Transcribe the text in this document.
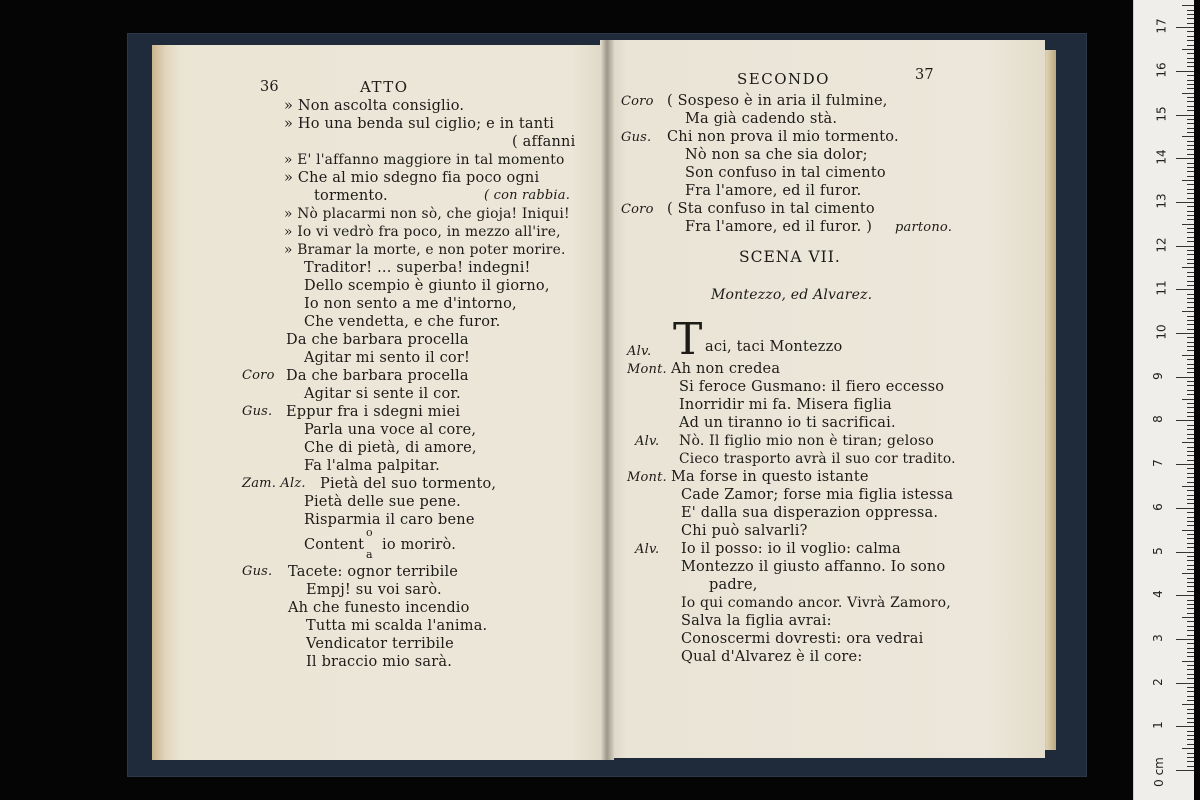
36	ATTO
» Non ascolta consiglio.
» Ho una benda sul ciglio; e in tanti
( affanni
» E' l'affanno maggiore in tal momento
» Che al mio sdegno fia poco ogni
tormento.	( con rabbia.
» Nò placarmi non sò, che gioja! Iniqui!
» Io vi vedrò fra poco, in mezzo all'ire,
» Bramar la morte, e non poter morire.
Traditor! ... superba! indegni!
Dello scempio è giunto il giorno,
Io non sento a me d'intorno,
Che vendetta, e che furor.
Da che barbara procella
Agitar mi sento il cor!
Coro Da che barbara procella
Agitar si sente il cor.
Gus. Eppur fra i sdegni miei
Parla una voce al core,
Che di pietà, di amore,
Fa l'alma palpitar.
Zam. Alz. Pietà del suo tormento,
Pietà delle sue pene.
Risparmia il caro bene
Content
o
a
io morirò.
Gus. Tacete: ognor terribile
Empj! su voi sarò.
Ah che funesto incendio
Tutta mi scalda l'anima.
Vendicator terribile
Il braccio mio sarà.
SECONDO	37
Coro ( Sospeso è in aria il fulmine,
Ma già cadendo stà.
Gus. Chi non prova il mio tormento.
Nò non sa che sia dolor;
Son confuso in tal cimento
Fra l'amore, ed il furor.
Coro ( Sta confuso in tal cimento
Fra l'amore, ed il furor. ) partono.
SCENA VII.
Montezzo, ed Alvarez.
Alv. T aci, taci Montezzo
Mont. Ah non credea
Si feroce Gusmano: il fiero eccesso
Inorridir mi fa. Misera figlia
Ad un tiranno io ti sacrificai.
Alv. Nò. Il figlio mio non è tiran; geloso
Cieco trasporto avrà il suo cor tradito.
Mont. Ma forse in questo istante
Cade Zamor; forse mia figlia istessa
E' dalla sua disperazion oppressa.
Chi può salvarli?
Alv. Io il posso: io il voglio: calma
Montezzo il giusto affanno. Io sono
padre,
Io qui comando ancor. Vivrà Zamoro,
Salva la figlia avrai:
Conoscermi dovresti: ora vedrai
Qual d'Alvarez è il core:
0 cm
1
2
3
4
5
6
7
8
9
10
11
12
13
14
15
16
17
